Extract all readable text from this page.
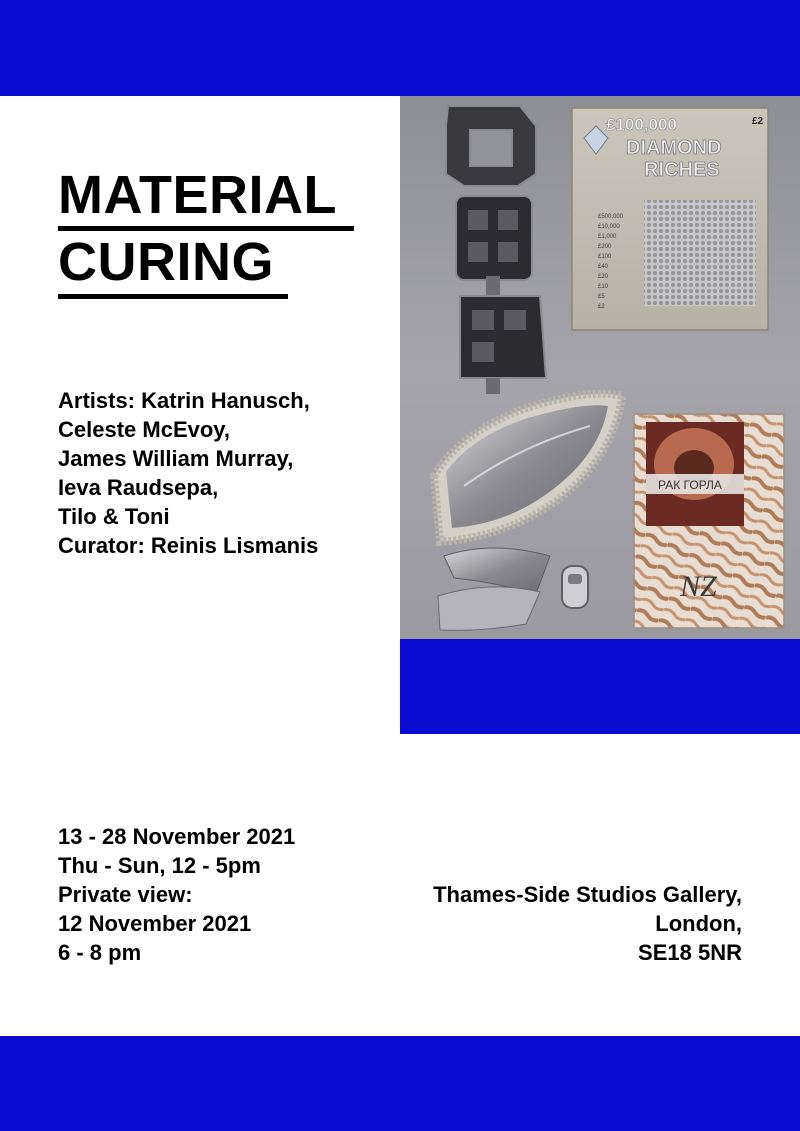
MATERIAL
CURING
Artists: Katrin Hanusch,
Celeste McEvoy,
James William Murray,
Ieva Raudsepa,
Tilo & Toni
Curator: Reinis Lismanis
£100,000	£2
DIAMOND
RICHES
£500,000
£10,000
£1,000
£200
£100
£40
£20
£10
£5
£2
РАК ГОРЛА
NZ
13 - 28 November 2021
Thu - Sun, 12 - 5pm
Private view:
12 November 2021
6 - 8 pm
Thames-Side Studios Gallery,
London,
SE18 5NR
